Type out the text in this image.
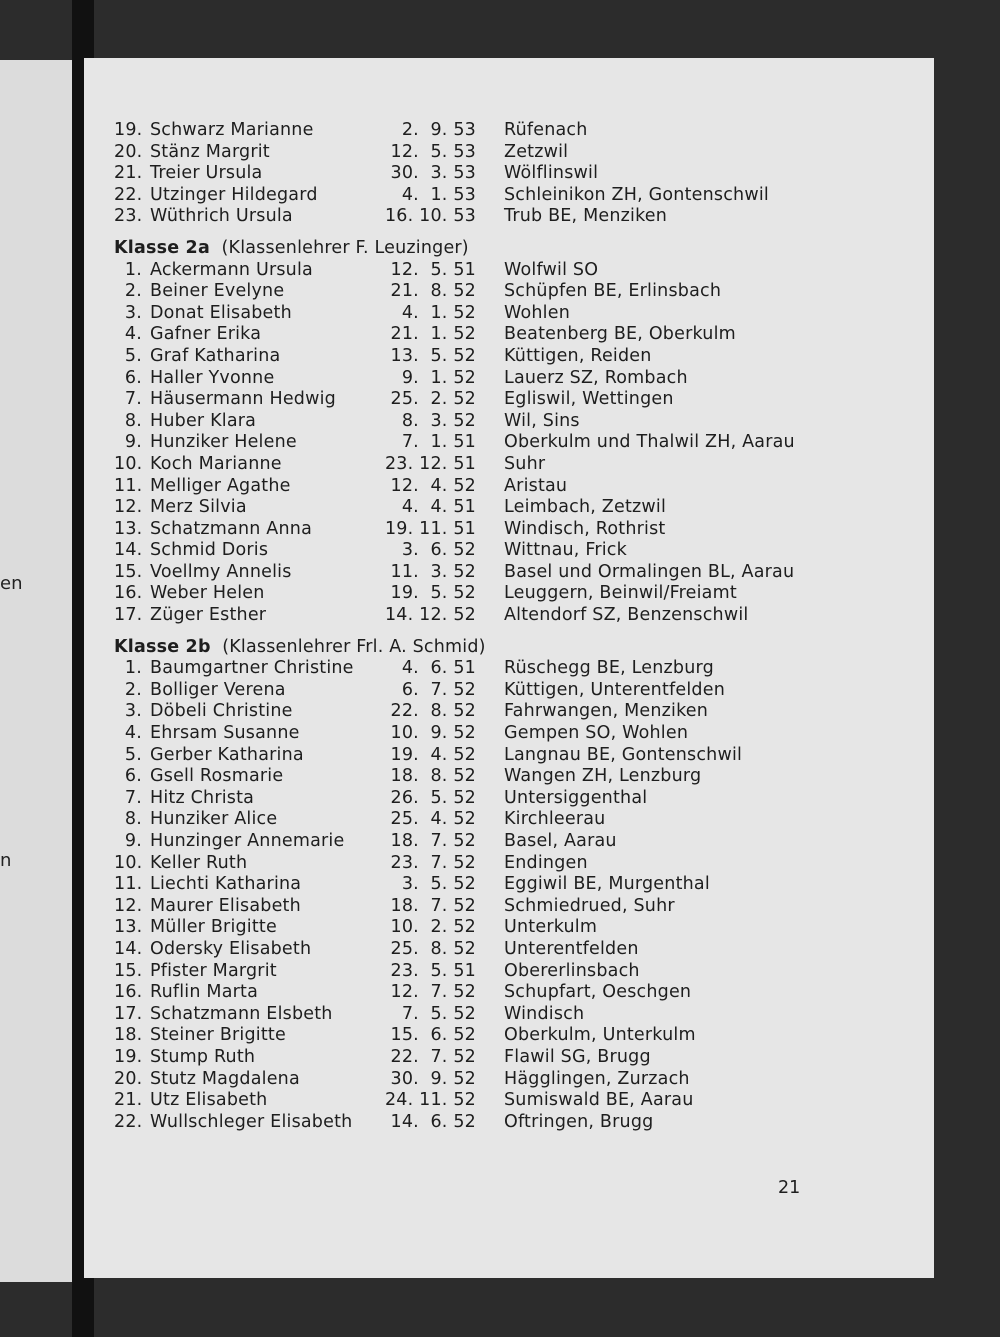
en
n
19. Schwarz Marianne	2.  9. 53 Rüfenach
20. Stänz Margrit	12.  5. 53 Zetzwil
21. Treier Ursula	30.  3. 53 Wölflinswil
22. Utzinger Hildegard	4.  1. 53 Schleinikon ZH, Gontenschwil
23. Wüthrich Ursula	16. 10. 53 Trub BE, Menziken
Klasse 2a (Klassenlehrer F. Leuzinger)
1. Ackermann Ursula	12.  5. 51 Wolfwil SO
2. Beiner Evelyne	21.  8. 52 Schüpfen BE, Erlinsbach
3. Donat Elisabeth	4.  1. 52 Wohlen
4. Gafner Erika	21.  1. 52 Beatenberg BE, Oberkulm
5. Graf Katharina	13.  5. 52 Küttigen, Reiden
6. Haller Yvonne	9.  1. 52 Lauerz SZ, Rombach
7. Häusermann Hedwig	25.  2. 52 Egliswil, Wettingen
8. Huber Klara	8.  3. 52 Wil, Sins
9. Hunziker Helene	7.  1. 51 Oberkulm und Thalwil ZH, Aarau
10. Koch Marianne	23. 12. 51 Suhr
11. Melliger Agathe	12.  4. 52 Aristau
12. Merz Silvia	4.  4. 51 Leimbach, Zetzwil
13. Schatzmann Anna	19. 11. 51 Windisch, Rothrist
14. Schmid Doris	3.  6. 52 Wittnau, Frick
15. Voellmy Annelis	11.  3. 52 Basel und Ormalingen BL, Aarau
16. Weber Helen	19.  5. 52 Leuggern, Beinwil/Freiamt
17. Züger Esther	14. 12. 52 Altendorf SZ, Benzenschwil
Klasse 2b (Klassenlehrer Frl. A. Schmid)
1. Baumgartner Christine	4.  6. 51 Rüschegg BE, Lenzburg
2. Bolliger Verena	6.  7. 52 Küttigen, Unterentfelden
3. Döbeli Christine	22.  8. 52 Fahrwangen, Menziken
4. Ehrsam Susanne	10.  9. 52 Gempen SO, Wohlen
5. Gerber Katharina	19.  4. 52 Langnau BE, Gontenschwil
6. Gsell Rosmarie	18.  8. 52 Wangen ZH, Lenzburg
7. Hitz Christa	26.  5. 52 Untersiggenthal
8. Hunziker Alice	25.  4. 52 Kirchleerau
9. Hunzinger Annemarie	18.  7. 52 Basel, Aarau
10. Keller Ruth	23.  7. 52 Endingen
11. Liechti Katharina	3.  5. 52 Eggiwil BE, Murgenthal
12. Maurer Elisabeth	18.  7. 52 Schmiedrued, Suhr
13. Müller Brigitte	10.  2. 52 Unterkulm
14. Odersky Elisabeth	25.  8. 52 Unterentfelden
15. Pfister Margrit	23.  5. 51 Obererlinsbach
16. Ruflin Marta	12.  7. 52 Schupfart, Oeschgen
17. Schatzmann Elsbeth	7.  5. 52 Windisch
18. Steiner Brigitte	15.  6. 52 Oberkulm, Unterkulm
19. Stump Ruth	22.  7. 52 Flawil SG, Brugg
20. Stutz Magdalena	30.  9. 52 Hägglingen, Zurzach
21. Utz Elisabeth	24. 11. 52 Sumiswald BE, Aarau
22. Wullschleger Elisabeth	14.  6. 52 Oftringen, Brugg
21
